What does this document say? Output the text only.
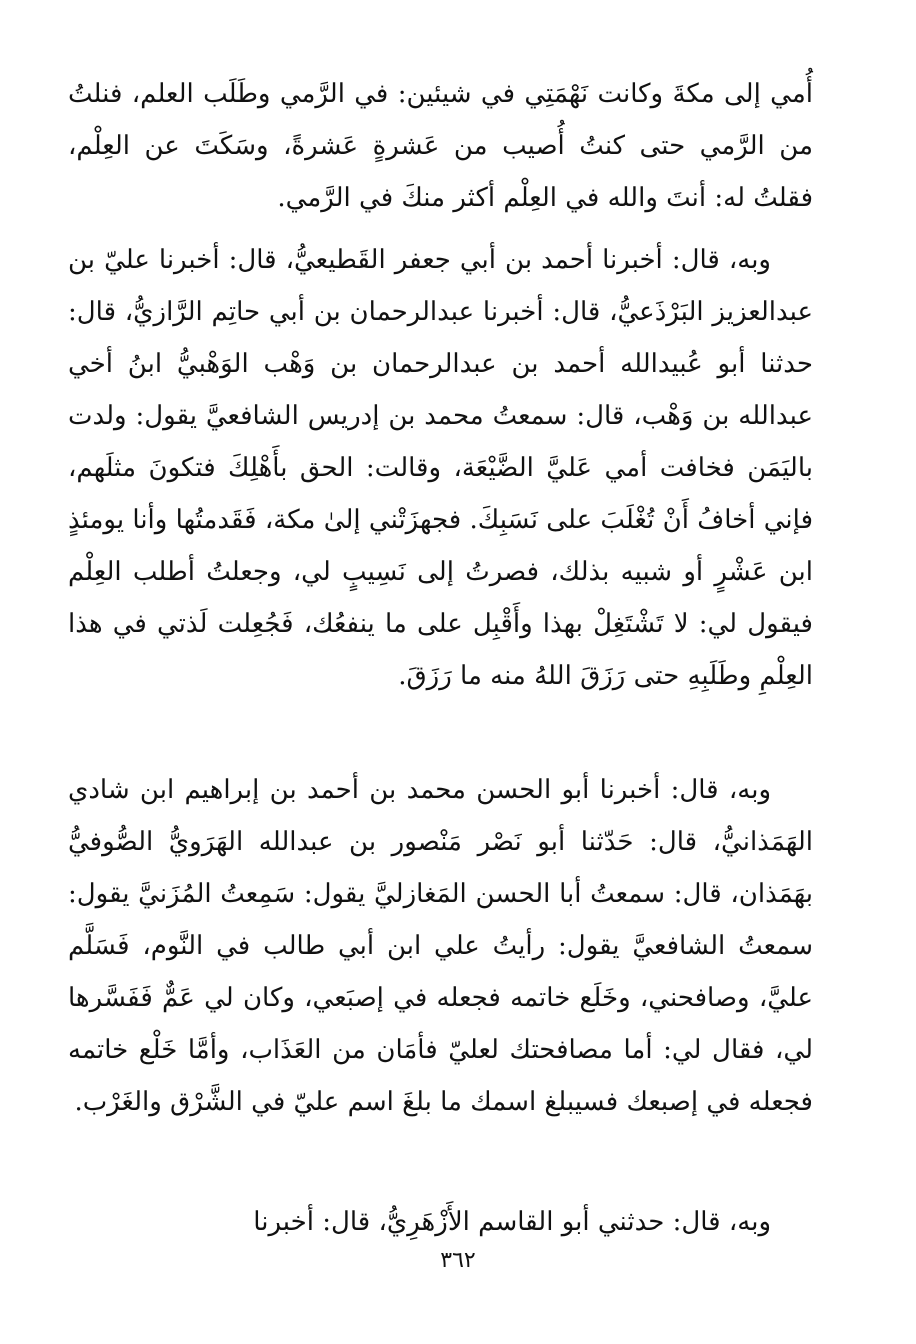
أُمي إلى مكةَ وكانت نَهْمَتِي في شيئين: في الرَّمي وطَلَب العلم، فنلتُ من الرَّمي حتى كنتُ أُصيب من عَشرةٍ عَشرةً، وسَكَتَ عن العِلْم، فقلتُ له: أنتَ والله في العِلْم أكثر منكَ في الرَّمي.

وبه، قال: أخبرنا أحمد بن أبي جعفر القَطيعيُّ، قال: أخبرنا عليّ بن عبدالعزيز البَرْذَعيُّ، قال: أخبرنا عبدالرحمان بن أبي حاتِم الرَّازيُّ، قال: حدثنا أبو عُبيدالله أحمد بن عبدالرحمان بن وَهْب الوَهْبيُّ ابنُ أخي عبدالله بن وَهْب، قال: سمعتُ محمد بن إدريس الشافعيَّ يقول: ولدت باليَمَن فخافت أمي عَليَّ الضَّيْعَة، وقالت: الحق بأَهْلِكَ فتكونَ مثلَهم، فإني أخافُ أَنْ تُغْلَبَ على نَسَبِكَ. فجهزَتْني إلىٰ مكة، فَقَدمتُها وأنا يومئذٍ ابن عَشْرٍ أو شبيه بذلك، فصرتُ إلى نَسِيبٍ لي، وجعلتُ أطلب العِلْم فيقول لي: لا تَشْتَغِلْ بهذا وأَقْبِل على ما ينفعُك، فَجُعِلت لَذتي في هذا العِلْمِ وطَلَبِهِ حتى رَزَقَ اللهُ منه ما رَزَقَ.

وبه، قال: أخبرنا أبو الحسن محمد بن أحمد بن إبراهيم ابن شادي الهَمَذانيُّ، قال: حَدّثنا أبو نَصْر مَنْصور بن عبدالله الهَرَويُّ الصُّوفيُّ بهَمَذان، قال: سمعتُ أبا الحسن المَغازليَّ يقول: سَمِعتُ المُزَنيَّ يقول: سمعتُ الشافعيَّ يقول: رأيتُ علي ابن أبي طالب في النَّوم، فَسَلَّم عليَّ، وصافحني، وخَلَع خاتمه فجعله في إصبَعي، وكان لي عَمٌّ فَفَسَّرها لي، فقال لي: أما مصافحتك لعليّ فأمَان من العَذَاب، وأمَّا خَلْع خاتمه فجعله في إصبعك فسيبلغ اسمك ما بلغَ اسم عليّ في الشَّرْق والغَرْب.

وبه، قال: حدثني أبو القاسم الأَزْهَرِيُّ، قال: أخبرنا

٣٦٢
